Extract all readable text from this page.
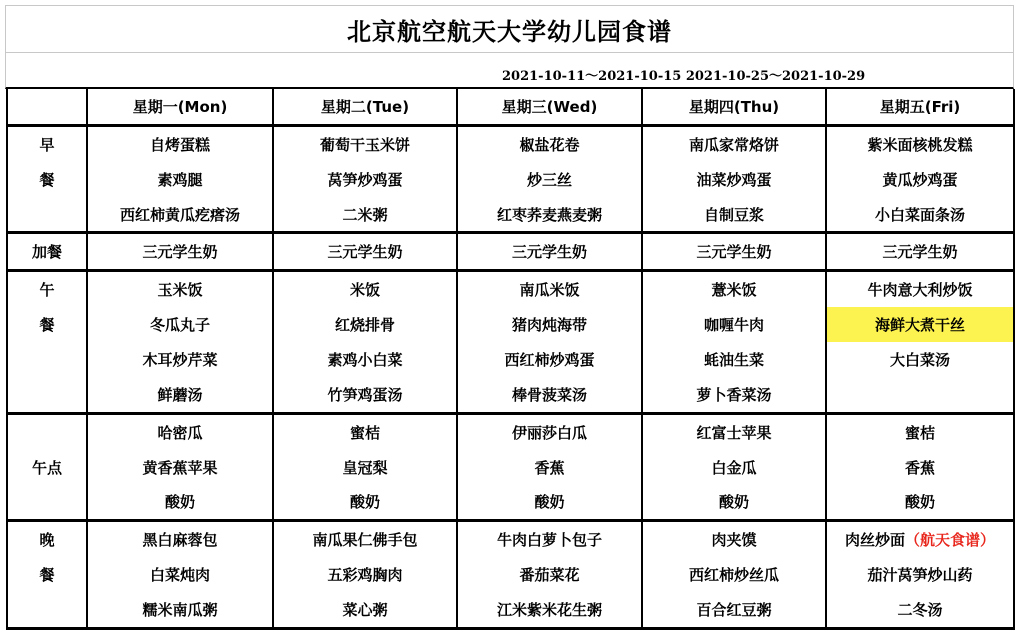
北京航空航天大学幼儿园食谱
2021-10-11～2021-10-15 2021-10-25～2021-10-29
	星期一(Mon)	星期二(Tue)	星期三(Wed)	星期四(Thu)	星期五(Fri)
早	自烤蛋糕	葡萄干玉米饼	椒盐花卷	南瓜家常烙饼	紫米面核桃发糕
餐	素鸡腿	莴笋炒鸡蛋	炒三丝	油菜炒鸡蛋	黄瓜炒鸡蛋
	西红柿黄瓜疙瘩汤	二米粥	红枣荞麦燕麦粥	自制豆浆	小白菜面条汤
加餐	三元学生奶	三元学生奶	三元学生奶	三元学生奶	三元学生奶
午	玉米饭	米饭	南瓜米饭	薏米饭	牛肉意大利炒饭
餐	冬瓜丸子	红烧排骨	猪肉炖海带	咖喱牛肉	海鲜大煮干丝
	木耳炒芹菜	素鸡小白菜	西红柿炒鸡蛋	蚝油生菜	大白菜汤
	鲜蘑汤	竹笋鸡蛋汤	棒骨菠菜汤	萝卜香菜汤	
午点	哈密瓜	蜜桔	伊丽莎白瓜	红富士苹果	蜜桔
	黄香蕉苹果	皇冠梨	香蕉	白金瓜	香蕉
	酸奶	酸奶	酸奶	酸奶	酸奶
晚	黑白麻蓉包	南瓜果仁佛手包	牛肉白萝卜包子	肉夹馍	肉丝炒面（航天食谱）
餐	白菜炖肉	五彩鸡胸肉	番茄菜花	西红柿炒丝瓜	茄汁莴笋炒山药
	糯米南瓜粥	菜心粥	江米紫米花生粥	百合红豆粥	二冬汤
